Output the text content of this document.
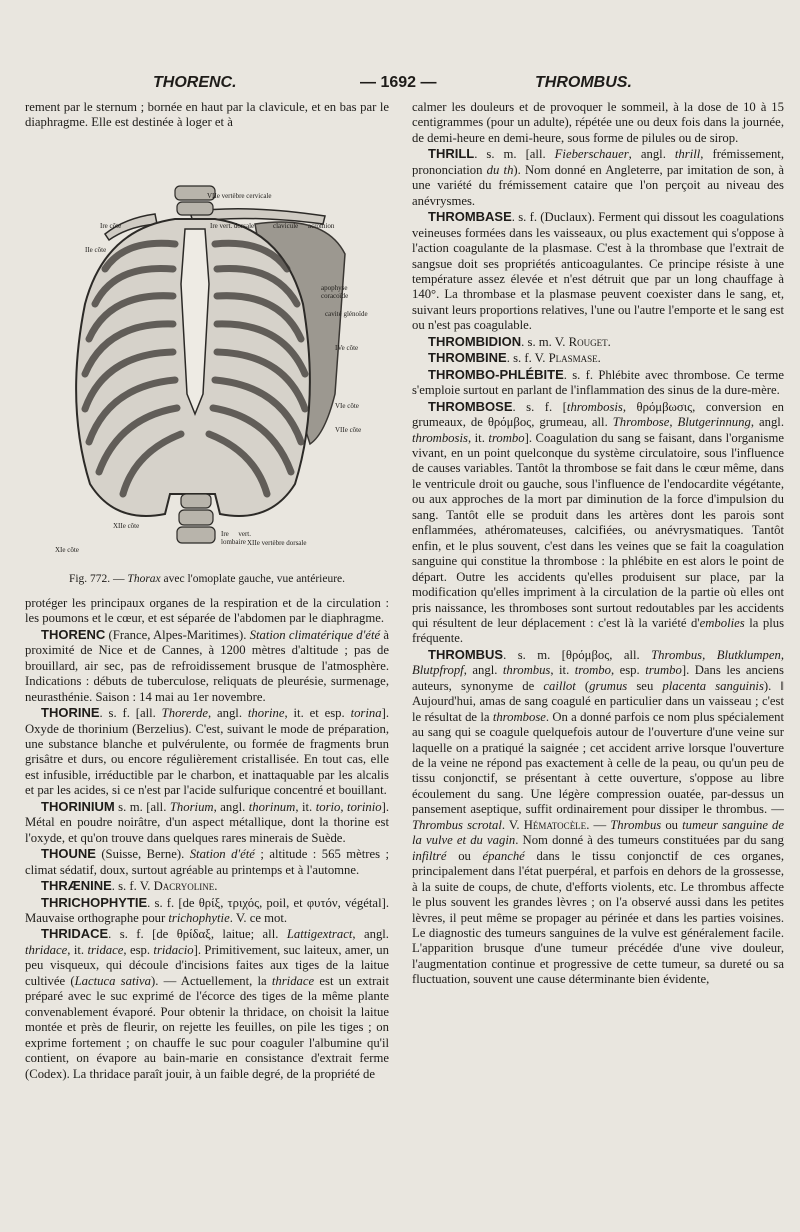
THORENC.	— 1692 —	THROMBUS.

rement par le sternum ; bornée en haut par la clavicule, et en bas par le diaphragme. Elle est destinée à loger et à

VIIe vertèbre cervicale
Ire côte	Ire vert. dorsale	clavicule acromion
IIe côte
apophyse coracoïde
cavité glénoïde
IVe côte
VIe côte
VIIe côte
XIIe côte
XIIe vertèbre dorsale
XIe côte
Ire vert. lombaire
Fig. 772. — Thorax avec l'omoplate gauche, vue antérieure.

protéger les principaux organes de la respiration et de la circulation : les poumons et le cœur, et est séparée de l'abdomen par le diaphragme.

THORENC (France, Alpes-Maritimes). Station climatérique d'été à proximité de Nice et de Cannes, à 1200 mètres d'altitude ; pas de brouillard, air sec, pas de refroidissement brusque de l'atmosphère. Indications : débuts de tuberculose, reliquats de pleurésie, surmenage, neurasthénie. Saison : 14 mai au 1er novembre.

THORINE. s. f. [all. Thorerde, angl. thorine, it. et esp. torina]. Oxyde de thorinium (Berzelius). C'est, suivant le mode de préparation, une substance blanche et pulvérulente, ou formée de fragments brun grisâtre et durs, ou encore régulièrement cristallisée. En tout cas, elle est infusible, irréductible par le charbon, et inattaquable par les alcalis et par les acides, si ce n'est par l'acide sulfurique concentré et bouillant.

THORINIUM s. m. [all. Thorium, angl. thorinum, it. torio, torinio]. Métal en poudre noirâtre, d'un aspect métallique, dont la thorine est l'oxyde, et qu'on trouve dans quelques rares minerais de Suède.

THOUNE (Suisse, Berne). Station d'été ; altitude : 565 mètres ; climat sédatif, doux, surtout agréable au printemps et à l'automne.

THRÆNINE. s. f. V. Dacryoline.

THRICHOPHYTIE. s. f. [de θρίξ, τριχός, poil, et φυτόν, végétal]. Mauvaise orthographe pour trichophytie. V. ce mot.

THRIDACE. s. f. [de θρίδαξ, laitue; all. Lattigextract, angl. thridace, it. tridace, esp. tridacio]. Primitivement, suc laiteux, amer, un peu visqueux, qui découle d'incisions faites aux tiges de la laitue cultivée (Lactuca sativa). — Actuellement, la thridace est un extrait préparé avec le suc exprimé de l'écorce des tiges de la même plante convenablement évaporé. Pour obtenir la thridace, on choisit la laitue montée et près de fleurir, on rejette les feuilles, on pile les tiges ; on exprime fortement ; on chauffe le suc pour coaguler l'albumine qu'il contient, on évapore au bain-marie en consistance d'extrait ferme (Codex). La thridace paraît jouir, à un faible degré, de la propriété de

calmer les douleurs et de provoquer le sommeil, à la dose de 10 à 15 centigrammes (pour un adulte), répétée une ou deux fois dans la journée, de demi-heure en demi-heure, sous forme de pilules ou de sirop.

THRILL. s. m. [all. Fieberschauer, angl. thrill, frémissement, prononciation du th). Nom donné en Angleterre, par imitation de son, à une variété du frémissement cataire que l'on perçoit au niveau des anévrysmes.

THROMBASE. s. f. (Duclaux). Ferment qui dissout les coagulations veineuses formées dans les vaisseaux, ou plus exactement qui s'oppose à l'action coagulante de la plasmase. C'est à la thrombase que l'extrait de sangsue doit ses propriétés anticoagulantes. Ce principe résiste à une température assez élevée et n'est détruit que par un long chauffage à 140°. La thrombase et la plasmase peuvent coexister dans le sang, et, suivant leurs proportions relatives, l'une ou l'autre l'emporte et le sang est ou n'est pas coagulable.

THROMBIDION. s. m. V. Rouget.

THROMBINE. s. f. V. Plasmase.

THROMBO-PHLÉBITE. s. f. Phlébite avec thrombose. Ce terme s'emploie surtout en parlant de l'inflammation des sinus de la dure-mère.

THROMBOSE. s. f. [thrombosis, θρόμβωσις, conversion en grumeaux, de θρόμβος, grumeau, all. Thrombose, Blutgerinnung, angl. thrombosis, it. trombo]. Coagulation du sang se faisant, dans l'organisme vivant, en un point quelconque du système circulatoire, sous l'influence de causes variables. Tantôt la thrombose se fait dans le cœur même, dans le ventricule droit ou gauche, sous l'influence de l'endocardite végétante, ou aux approches de la mort par diminution de la force d'impulsion du sang. Tantôt elle se produit dans les artères dont les parois sont enflammées, athéromateuses, calcifiées, ou anévrysmatiques. Tantôt enfin, et le plus souvent, c'est dans les veines que se fait la coagulation sanguine qui constitue la thrombose : la phlébite en est alors le point de départ. Outre les accidents qu'elles produisent sur place, par la modification qu'elles impriment à la circulation de la partie où elles ont pris naissance, les thromboses sont surtout redoutables par les accidents qui résultent de leur déplacement : c'est là la variété d'embolies la plus fréquente.

THROMBUS. s. m. [θρόμβος, all. Thrombus, Blutklumpen, Blutpfropf, angl. thrombus, it. trombo, esp. trumbo]. Dans les anciens auteurs, synonyme de caillot (grumus seu placenta sanguinis). ‖ Aujourd'hui, amas de sang coagulé en particulier dans un vaisseau ; c'est le résultat de la thrombose. On a donné parfois ce nom plus spécialement au sang qui se coagule quelquefois autour de l'ouverture d'une veine sur laquelle on a pratiqué la saignée ; cet accident arrive lorsque l'ouverture de la veine ne répond pas exactement à celle de la peau, ou qu'un peu de tissu conjonctif, se présentant à cette ouverture, s'oppose au libre écoulement du sang. Une légère compression ouatée, par-dessus un pansement aseptique, suffit ordinairement pour dissiper le thrombus. — Thrombus scrotal. V. Hématocèle. — Thrombus ou tumeur sanguine de la vulve et du vagin. Nom donné à des tumeurs constituées par du sang infiltré ou épanché dans le tissu conjonctif de ces organes, principalement dans l'état puerpéral, et parfois en dehors de la grossesse, à la suite de coups, de chute, d'efforts violents, etc. Le thrombus affecte le plus souvent les grandes lèvres ; on l'a observé aussi dans les petites lèvres, il peut même se propager au périnée et dans les parties voisines. Le diagnostic des tumeurs sanguines de la vulve est généralement facile. L'apparition brusque d'une tumeur précédée d'une vive douleur, l'augmentation continue et progressive de cette tumeur, sa dureté ou sa fluctuation, souvent une cause déterminante bien évidente,
